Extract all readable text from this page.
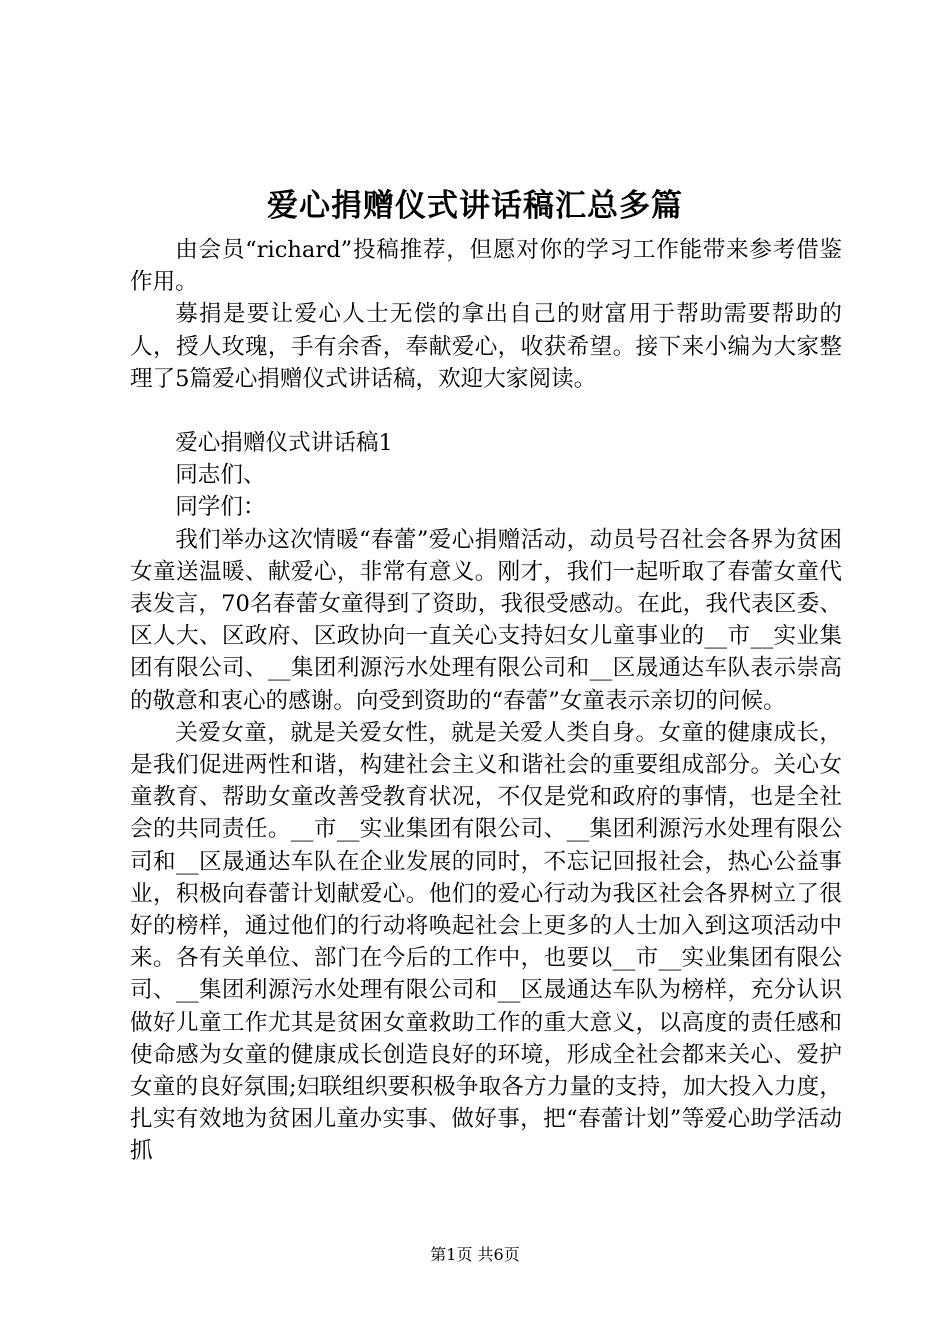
爱心捐赠仪式讲话稿汇总多篇

由会员“richard”投稿推荐，但愿对你的学习工作能带来参考借鉴作用。

募捐是要让爱心人士无偿的拿出自己的财富用于帮助需要帮助的人，授人玫瑰，手有余香，奉献爱心，收获希望。接下来小编为大家整理了5篇爱心捐赠仪式讲话稿，欢迎大家阅读。

爱心捐赠仪式讲话稿1

同志们、

同学们：

我们举办这次情暖“春蕾”爱心捐赠活动，动员号召社会各界为贫困女童送温暖、献爱心，非常有意义。刚才，我们一起听取了春蕾女童代表发言，70名春蕾女童得到了资助，我很受感动。在此，我代表区委、区人大、区政府、区政协向一直关心支持妇女儿童事业的__市__实业集团有限公司、__集团利源污水处理有限公司和__区晟通达车队表示崇高的敬意和衷心的感谢。向受到资助的“春蕾”女童表示亲切的问候。

关爱女童，就是关爱女性，就是关爱人类自身。女童的健康成长，是我们促进两性和谐，构建社会主义和谐社会的重要组成部分。关心女童教育、帮助女童改善受教育状况，不仅是党和政府的事情，也是全社会的共同责任。__市__实业集团有限公司、__集团利源污水处理有限公司和__区晟通达车队在企业发展的同时，不忘记回报社会，热心公益事业，积极向春蕾计划献爱心。他们的爱心行动为我区社会各界树立了很好的榜样，通过他们的行动将唤起社会上更多的人士加入到这项活动中来。各有关单位、部门在今后的工作中，也要以__市__实业集团有限公司、__集团利源污水处理有限公司和__区晟通达车队为榜样，充分认识做好儿童工作尤其是贫困女童救助工作的重大意义，以高度的责任感和使命感为女童的健康成长创造良好的环境，形成全社会都来关心、爱护女童的良好氛围;妇联组织要积极争取各方力量的支持，加大投入力度，扎实有效地为贫困儿童办实事、做好事，把“春蕾计划”等爱心助学活动抓

第1页 共6页
